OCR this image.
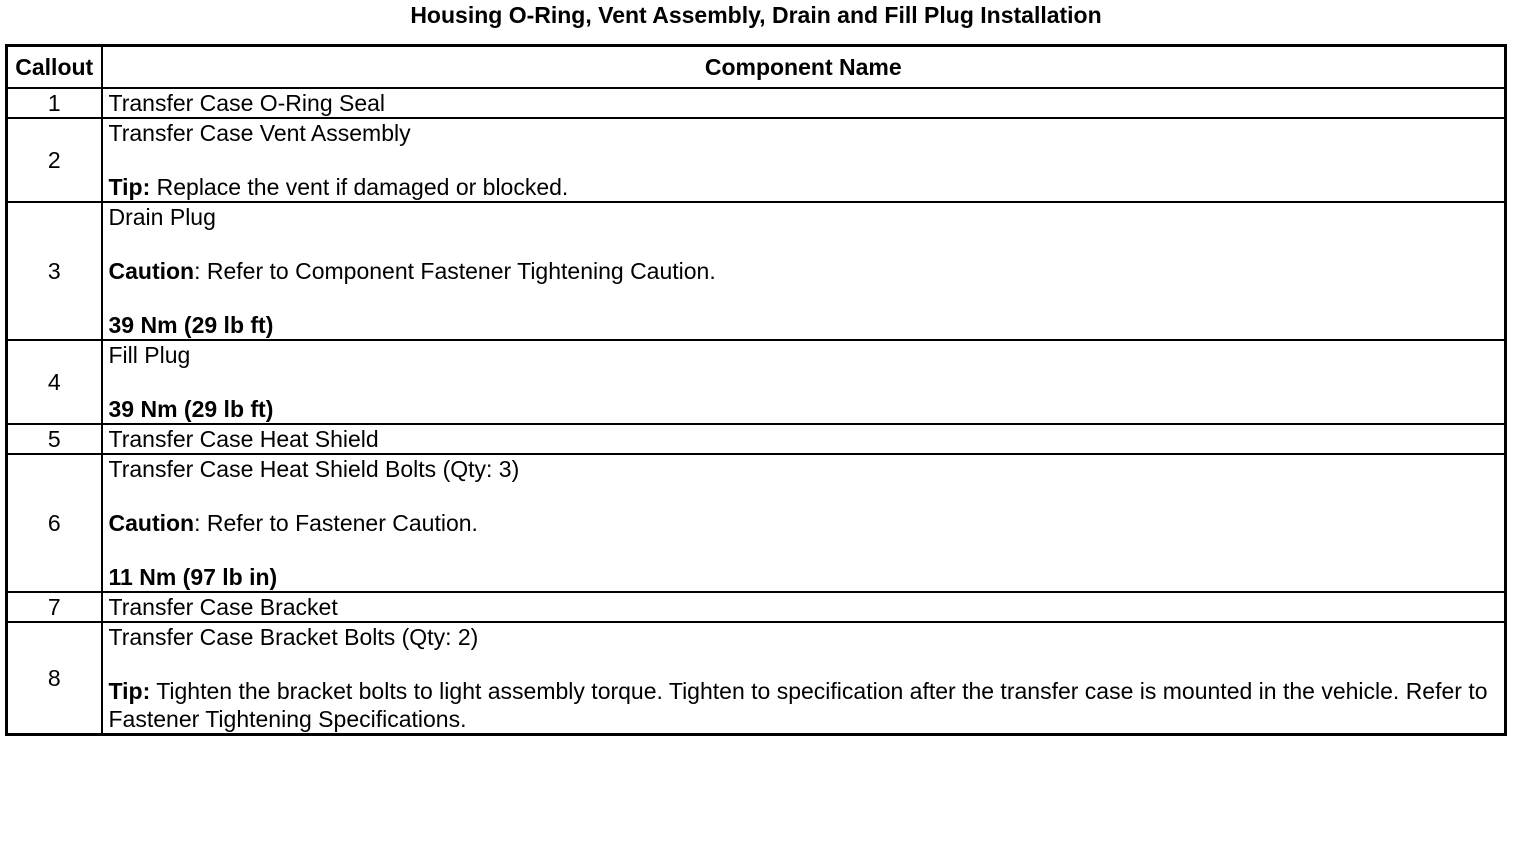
Housing O-Ring, Vent Assembly, Drain and Fill Plug Installation
Callout	Component Name
1	Transfer Case O-Ring Seal
2	Transfer Case Vent Assembly
Tip: Replace the vent if damaged or blocked.
3	Drain Plug
Caution: Refer to Component Fastener Tightening Caution.
39 Nm (29 lb ft)
4	Fill Plug
39 Nm (29 lb ft)
5	Transfer Case Heat Shield
6	Transfer Case Heat Shield Bolts (Qty: 3)
Caution: Refer to Fastener Caution.
11 Nm (97 lb in)
7	Transfer Case Bracket
8	Transfer Case Bracket Bolts (Qty: 2)
Tip: Tighten the bracket bolts to light assembly torque. Tighten to specification after the transfer case is mounted in the vehicle. Refer to Fastener Tightening Specifications.
